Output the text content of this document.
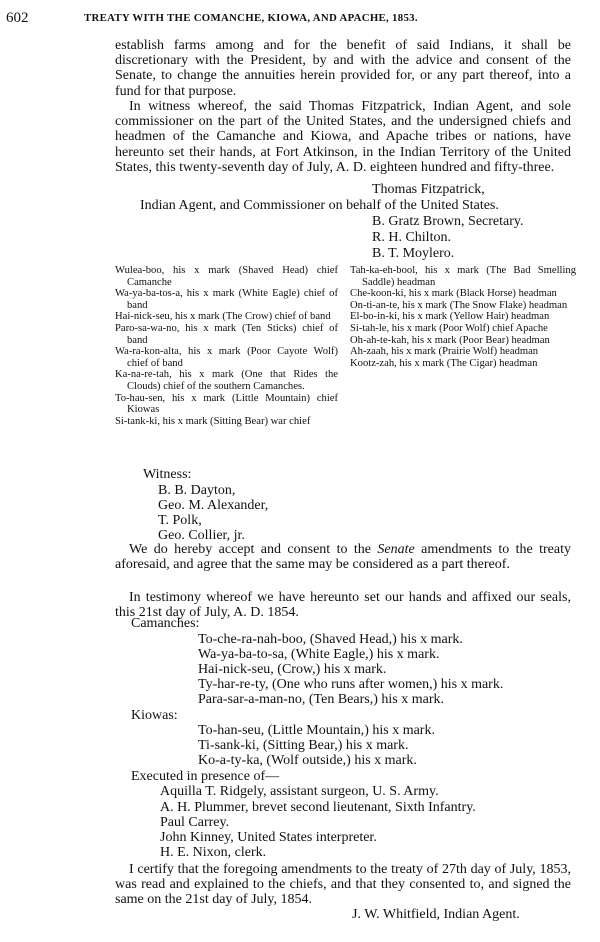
602	TREATY WITH THE COMANCHE, KIOWA, AND APACHE, 1853.

establish farms among and for the benefit of said Indians, it shall be discretionary with the President, by and with the advice and consent of the Senate, to change the annuities herein provided for, or any part thereof, into a fund for that purpose.

In witness whereof, the said Thomas Fitzpatrick, Indian Agent, and sole commissioner on the part of the United States, and the undersigned chiefs and headmen of the Camanche and Kiowa, and Apache tribes or nations, have hereunto set their hands, at Fort Atkinson, in the Indian Territory of the United States, this twenty-seventh day of July, A. D. eighteen hundred and fifty-three.

Thomas Fitzpatrick,
Indian Agent, and Commissioner on behalf of the United States.
B. Gratz Brown, Secretary.
R. H. Chilton.
B. T. Moylero.

Wulea-boo, his x mark (Shaved Head) chief Camanche

Wa-ya-ba-tos-a, his x mark (White Eagle) chief of band

Hai-nick-seu, his x mark (The Crow) chief of band

Paro-sa-wa-no, his x mark (Ten Sticks) chief of band

Wa-ra-kon-alta, his x mark (Poor Cayote Wolf) chief of band

Ka-na-re-tah, his x mark (One that Rides the Clouds) chief of the southern Camanches.

To-hau-sen, his x mark (Little Mountain) chief Kiowas

Si-tank-ki, his x mark (Sitting Bear) war chief

Tah-ka-eh-bool, his x mark (The Bad Smelling Saddle) headman

Che-koon-ki, his x mark (Black Horse) headman

On-ti-an-te, his x mark (The Snow Flake) headman

El-bo-in-ki, his x mark (Yellow Hair) headman

Si-tah-le, his x mark (Poor Wolf) chief Apache

Oh-ah-te-kah, his x mark (Poor Bear) headman

Ah-zaah, his x mark (Prairie Wolf) headman

Kootz-zah, his x mark (The Cigar) headman

Witness:
B. B. Dayton,
Geo. M. Alexander,
T. Polk,
Geo. Collier, jr.

We do hereby accept and consent to the Senate amendments to the treaty aforesaid, and agree that the same may be considered as a part thereof.

In testimony whereof we have hereunto set our hands and affixed our seals, this 21st day of July, A. D. 1854.

Camanches:
To-che-ra-nah-boo, (Shaved Head,) his x mark.
Wa-ya-ba-to-sa, (White Eagle,) his x mark.
Hai-nick-seu, (Crow,) his x mark.
Ty-har-re-ty, (One who runs after women,) his x mark.
Para-sar-a-man-no, (Ten Bears,) his x mark.
Kiowas:
To-han-seu, (Little Mountain,) his x mark.
Ti-sank-ki, (Sitting Bear,) his x mark.
Ko-a-ty-ka, (Wolf outside,) his x mark.
Executed in presence of—
Aquilla T. Ridgely, assistant surgeon, U. S. Army.
A. H. Plummer, brevet second lieutenant, Sixth Infantry.
Paul Carrey.
John Kinney, United States interpreter.
H. E. Nixon, clerk.

I certify that the foregoing amendments to the treaty of 27th day of July, 1853, was read and explained to the chiefs, and that they consented to, and signed the same on the 21st day of July, 1854.

J. W. Whitfield, Indian Agent.
